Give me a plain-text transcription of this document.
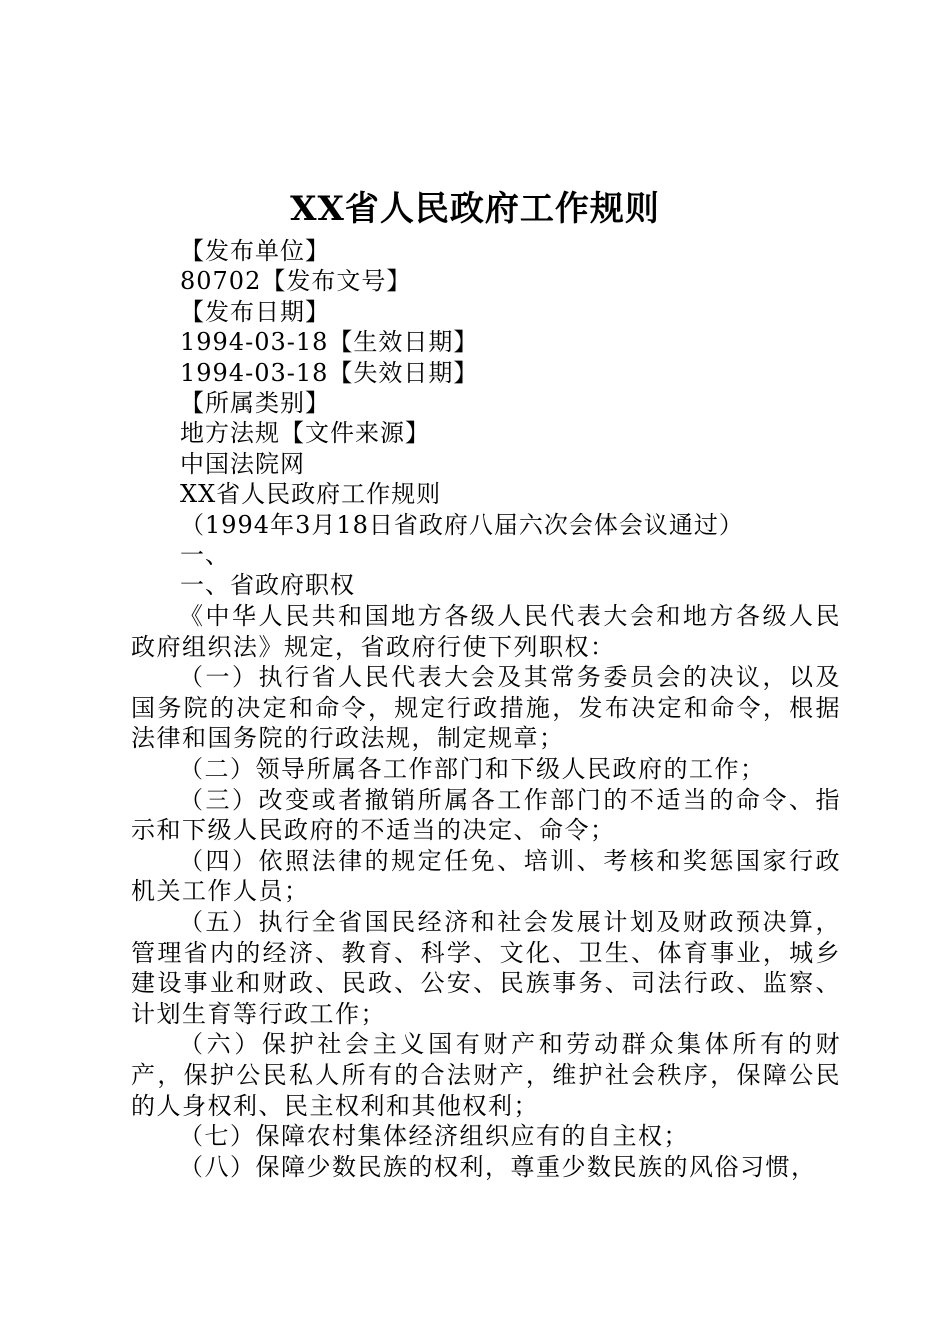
XX省人民政府工作规则

【发布单位】

80702【发布文号】

【发布日期】

1994-03-18【生效日期】

1994-03-18【失效日期】

【所属类别】

地方法规【文件来源】

中国法院网

XX省人民政府工作规则

（1994年3月18日省政府八届六次会体会议通过）

一、

一、省政府职权

《中华人民共和国地方各级人民代表大会和地方各级人民政府组织法》规定，省政府行使下列职权：

（一）执行省人民代表大会及其常务委员会的决议，以及国务院的决定和命令，规定行政措施，发布决定和命令，根据法律和国务院的行政法规，制定规章；

（二）领导所属各工作部门和下级人民政府的工作；

（三）改变或者撤销所属各工作部门的不适当的命令、指示和下级人民政府的不适当的决定、命令；

（四）依照法律的规定任免、培训、考核和奖惩国家行政机关工作人员；

（五）执行全省国民经济和社会发展计划及财政预决算，管理省内的经济、教育、科学、文化、卫生、体育事业，城乡建设事业和财政、民政、公安、民族事务、司法行政、监察、计划生育等行政工作；

（六）保护社会主义国有财产和劳动群众集体所有的财产，保护公民私人所有的合法财产，维护社会秩序，保障公民的人身权利、民主权利和其他权利；

（七）保障农村集体经济组织应有的自主权；

（八）保障少数民族的权利，尊重少数民族的风俗习惯，
